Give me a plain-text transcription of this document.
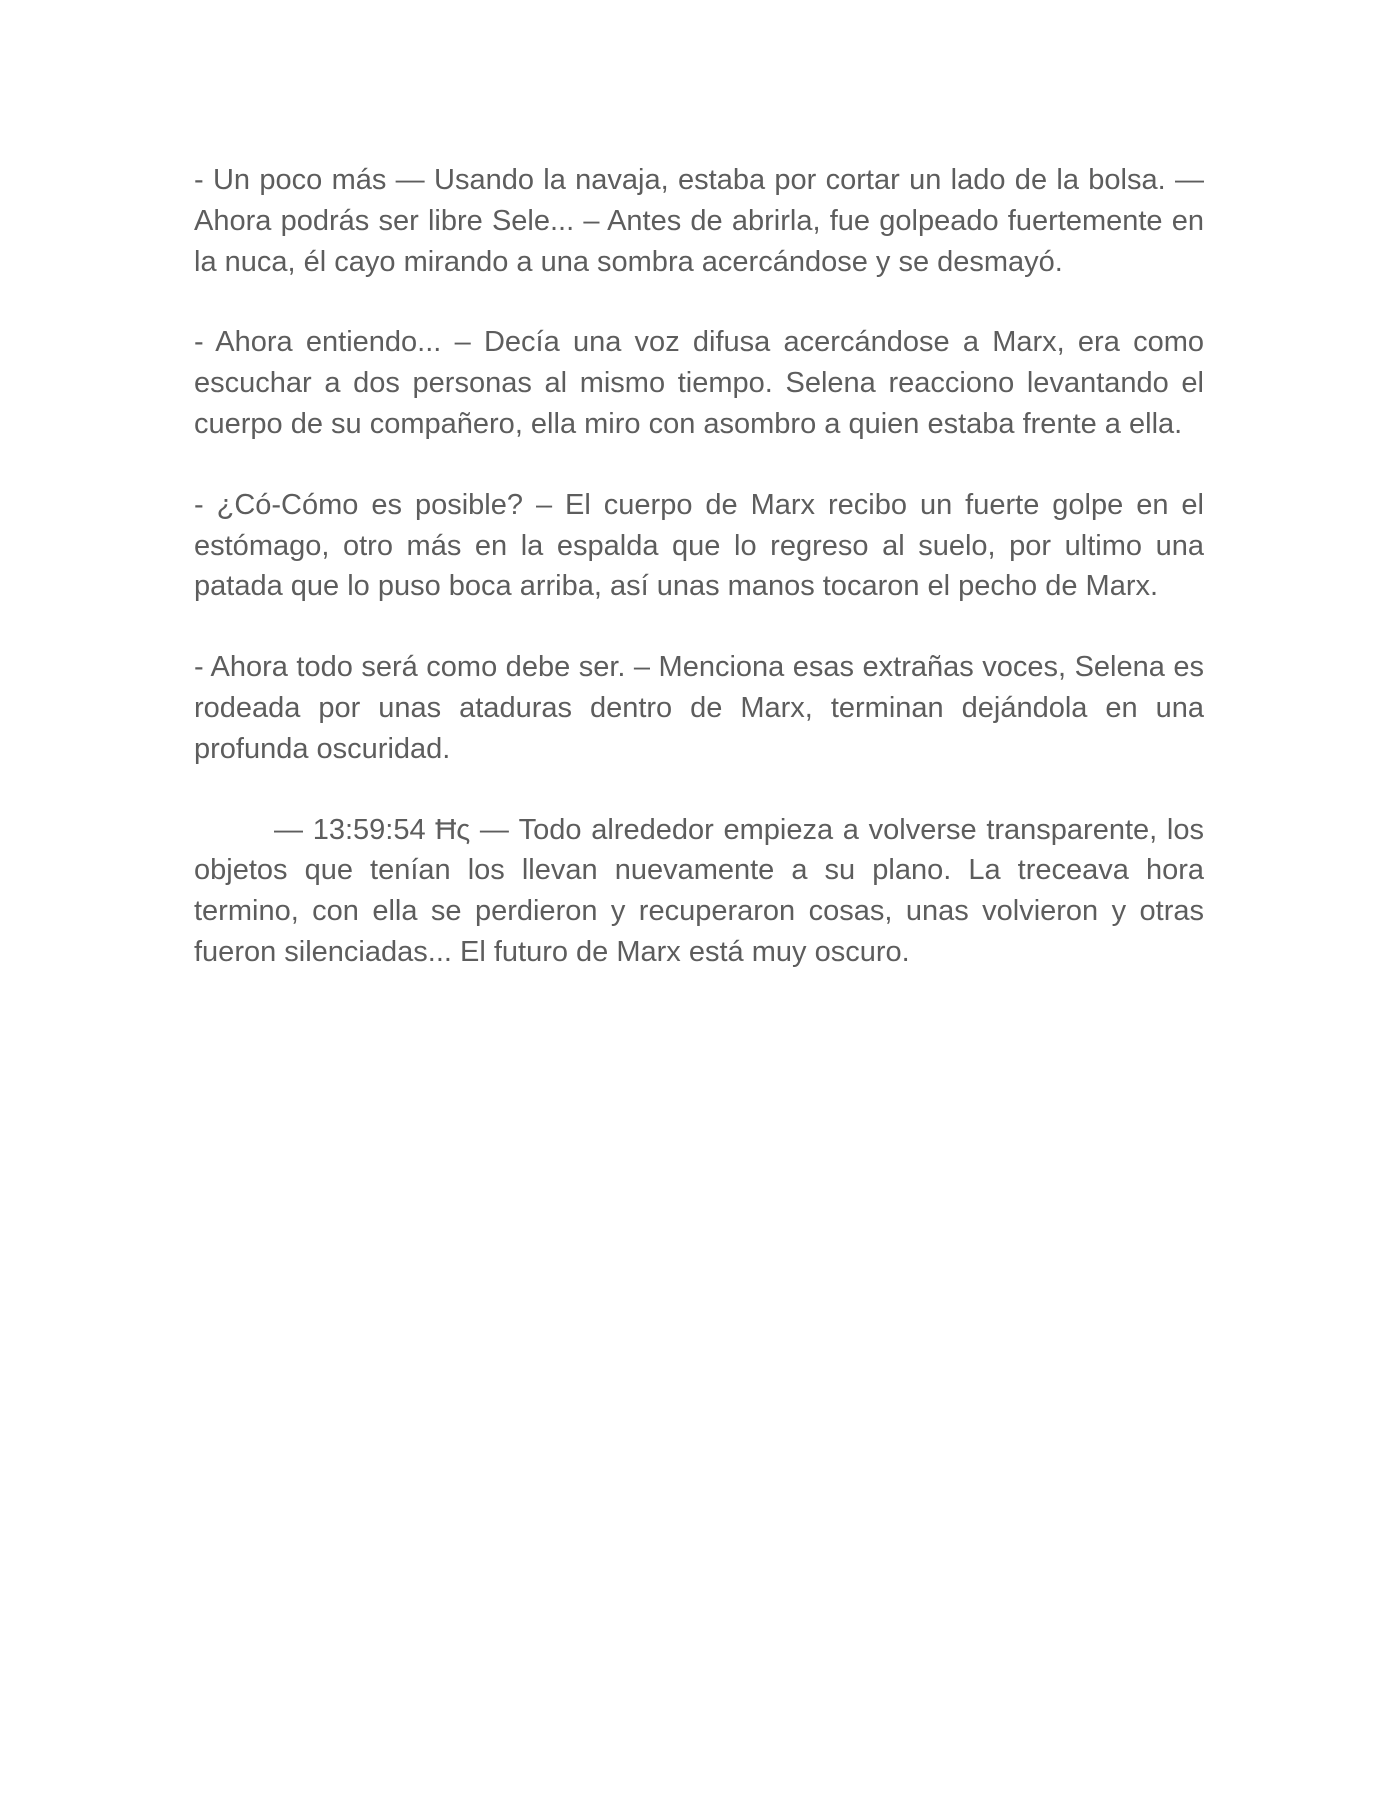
- Un poco más — Usando la navaja, estaba por cortar un lado de la bolsa. — Ahora podrás ser libre Sele... – Antes de abrirla, fue golpeado fuertemente en la nuca, él cayo mirando a una sombra acercándose y se desmayó.

- Ahora entiendo... – Decía una voz difusa acercándose a Marx, era como escuchar a dos personas al mismo tiempo. Selena reacciono levantando el cuerpo de su compañero, ella miro con asombro a quien estaba frente a ella.

- ¿Có-Cómo es posible? – El cuerpo de Marx recibo un fuerte golpe en el estómago, otro más en la espalda que lo regreso al suelo, por ultimo una patada que lo puso boca arriba, así unas manos tocaron el pecho de Marx.

- Ahora todo será como debe ser. – Menciona esas extrañas voces, Selena es rodeada por unas ataduras dentro de Marx, terminan dejándola en una profunda oscuridad.

— 13:59:54 Ħς — Todo alrededor empieza a volverse transparente, los objetos que tenían los llevan nuevamente a su plano. La treceava hora termino, con ella se perdieron y recuperaron cosas, unas volvieron y otras fueron silenciadas... El futuro de Marx está muy oscuro.
